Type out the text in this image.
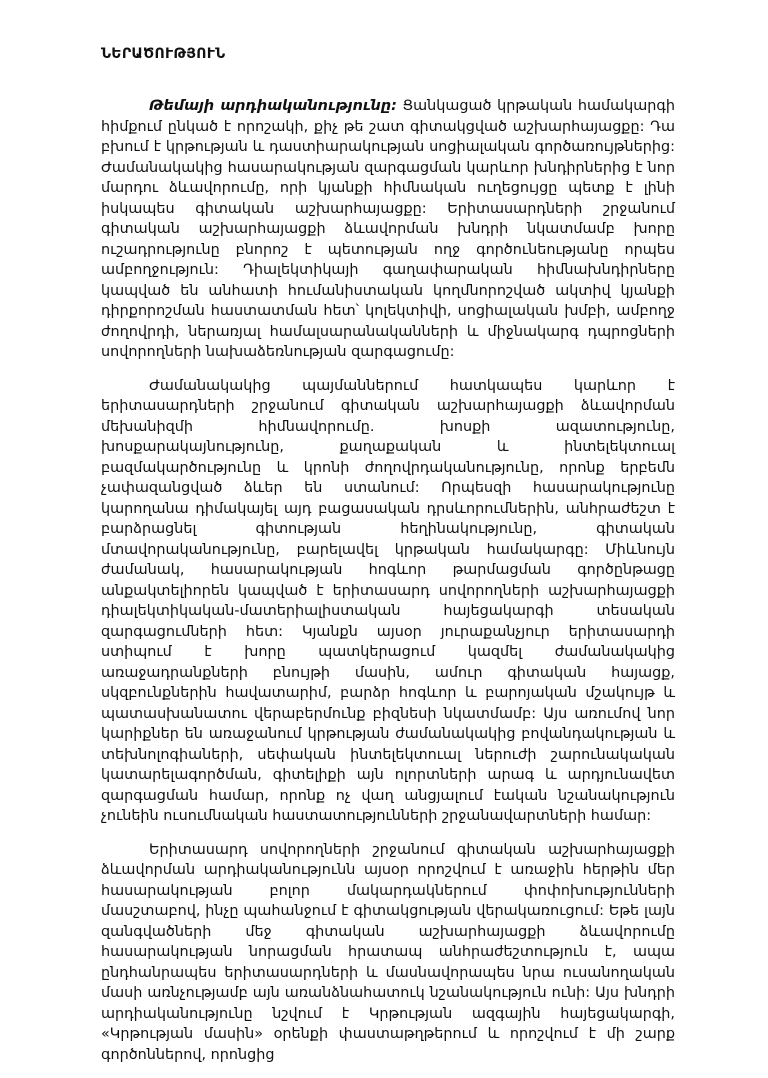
ՆԵՐԱԾՈՒԹՅՈՒՆ

Թեմայի արդիականությունը: Ցանկացած կրթական համակարգի հիմքում ընկած է որոշակի, քիչ թե շատ գիտակցված աշխարհայացքը: Դա բխում է կրթության և դաստիարակության սոցիալական գործառույթներից: Ժամանակակից հասարակության զարգացման կարևոր խնդիրներից է նոր մարդու ձևավորումը, որի կյանքի հիմնական ուղեցույցը պետք է լինի իսկապես գիտական աշխարհայացքը: Երիտասարդների շրջանում գիտական աշխարհայացքի ձևավորման խնդրի նկատմամբ խորը ուշադրությունը բնորոշ է պետության ողջ գործունեությանը որպես ամբողջություն: Դիալեկտիկայի գաղափարական հիմնախնդիրները կապված են անհատի հումանիստական կողմնորոշված ակտիվ կյանքի դիրքորոշման հաստատման հետ՝ կոլեկտիվի, սոցիալական խմբի, ամբողջ ժողովրդի, ներառյալ համալսարանականների և միջնակարգ դպրոցների սովորողների նախաձեռնության զարգացումը:

Ժամանակակից պայմաններում հատկապես կարևոր է երիտասարդների շրջանում գիտական աշխարհայացքի ձևավորման մեխանիզմի հիմնավորումը. խոսքի ազատությունը, խոսքարակայնությունը, քաղաքական և ինտելեկտուալ բազմակարծությունը և կրոնի ժողովրդականությունը, որոնք երբեմն չափազանցված ձևեր են ստանում: Որպեսզի հասարակությունը կարողանա դիմակայել այդ բացասական դրսևորումներին, անհրաժեշտ է բարձրացնել գիտության հեղինակությունը, գիտական մտավորականությունը, բարելավել կրթական համակարգը: Միևնույն ժամանակ, հասարակության հոգևոր թարմացման գործընթացը անքակտելիորեն կապված է երիտասարդ սովորողների աշխարհայացքի դիալեկտիկական-մատերիալիստական հայեցակարգի տեսական զարգացումների հետ: Կյանքն այսօր յուրաքանչյուր երիտասարդի ստիպում է խորը պատկերացում կազմել ժամանակակից առաջադրանքների բնույթի մասին, ամուր գիտական հայացք, սկզբունքներին հավատարիմ, բարձր հոգևոր և բարոյական մշակույթ և պատասխանատու վերաբերմունք բիզնեսի նկատմամբ: Այս առումով նոր կարիքներ են առաջանում կրթության ժամանակակից բովանդակության և տեխնոլոգիաների, սեփական ինտելեկտուալ ներուժի շարունակական կատարելագործման, գիտելիքի այն ոլորտների արագ և արդյունավետ զարգացման համար, որոնք ոչ վաղ անցյալում էական նշանակություն չունեին ուսումնական հաստատությունների շրջանավարտների համար:

Երիտասարդ սովորողների շրջանում գիտական աշխարհայացքի ձևավորման արդիականությունն այսօր որոշվում է առաջին հերթին մեր հասարակության բոլոր մակարդակներում փոփոխությունների մասշտաբով, ինչը պահանջում է գիտակցության վերակառուցում: Եթե լայն զանգվածների մեջ գիտական աշխարհայացքի ձևավորումը հասարակության նորացման հրատապ անհրաժեշտություն է, ապա ընդհանրապես երիտասարդների և մասնավորապես նրա ուսանողական մասի առնչությամբ այն առանձնահատուկ նշանակություն ունի: Այս խնդրի արդիականությունը նշվում է Կրթության ազգային հայեցակարգի, «Կրթության մասին» օրենքի փաստաթղթերում և որոշվում է մի շարք գործոններով, որոնցից
